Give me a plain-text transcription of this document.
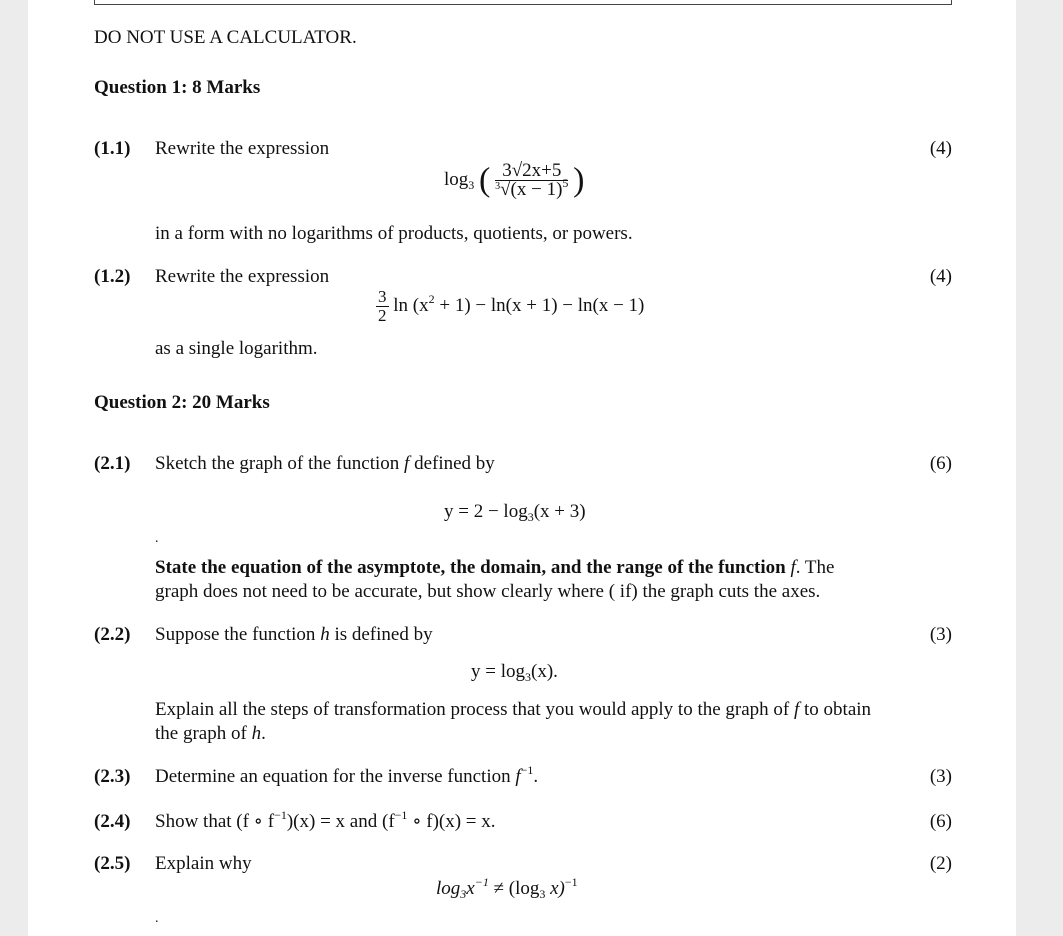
DO NOT USE A CALCULATOR.
Question 1: 8 Marks
(1.1) Rewrite the expression	(4)
$\log_3$ ( $\frac{3√2x+5}{^3√(x - 1)^5}$ )
in a form with no logarithms of products, quotients, or powers.
(1.2) Rewrite the expression	(4)
$\frac{3}{2}$ $\ln (x^2 + 1) - \ln(x + 1) - \ln(x - 1)$
as a single logarithm.
Question 2: 20 Marks
(2.1) Sketch the graph of the function f defined by	(6)
$y = 2 - \log_3(x + 3)$
.
State the equation of the asymptote, the domain, and the range of the function f. The
graph does not need to be accurate, but show clearly where ( if) the graph cuts the axes.
(2.2) Suppose the function h is defined by	(3)
$y = \log_3(x)$.
Explain all the steps of transformation process that you would apply to the graph of f to obtain
the graph of h.
(2.3) Determine an equation for the inverse function $f^{-1}$.	(3)
(2.4) Show that (f ∘ $f^{-1})(x) = x$ and ($f^{-1}$ ∘ f)(x) = x.	(6)
(2.5) Explain why	(2)
$\log_3x^{-1} \ne (\log_3$ x)$^{-1}$
.
